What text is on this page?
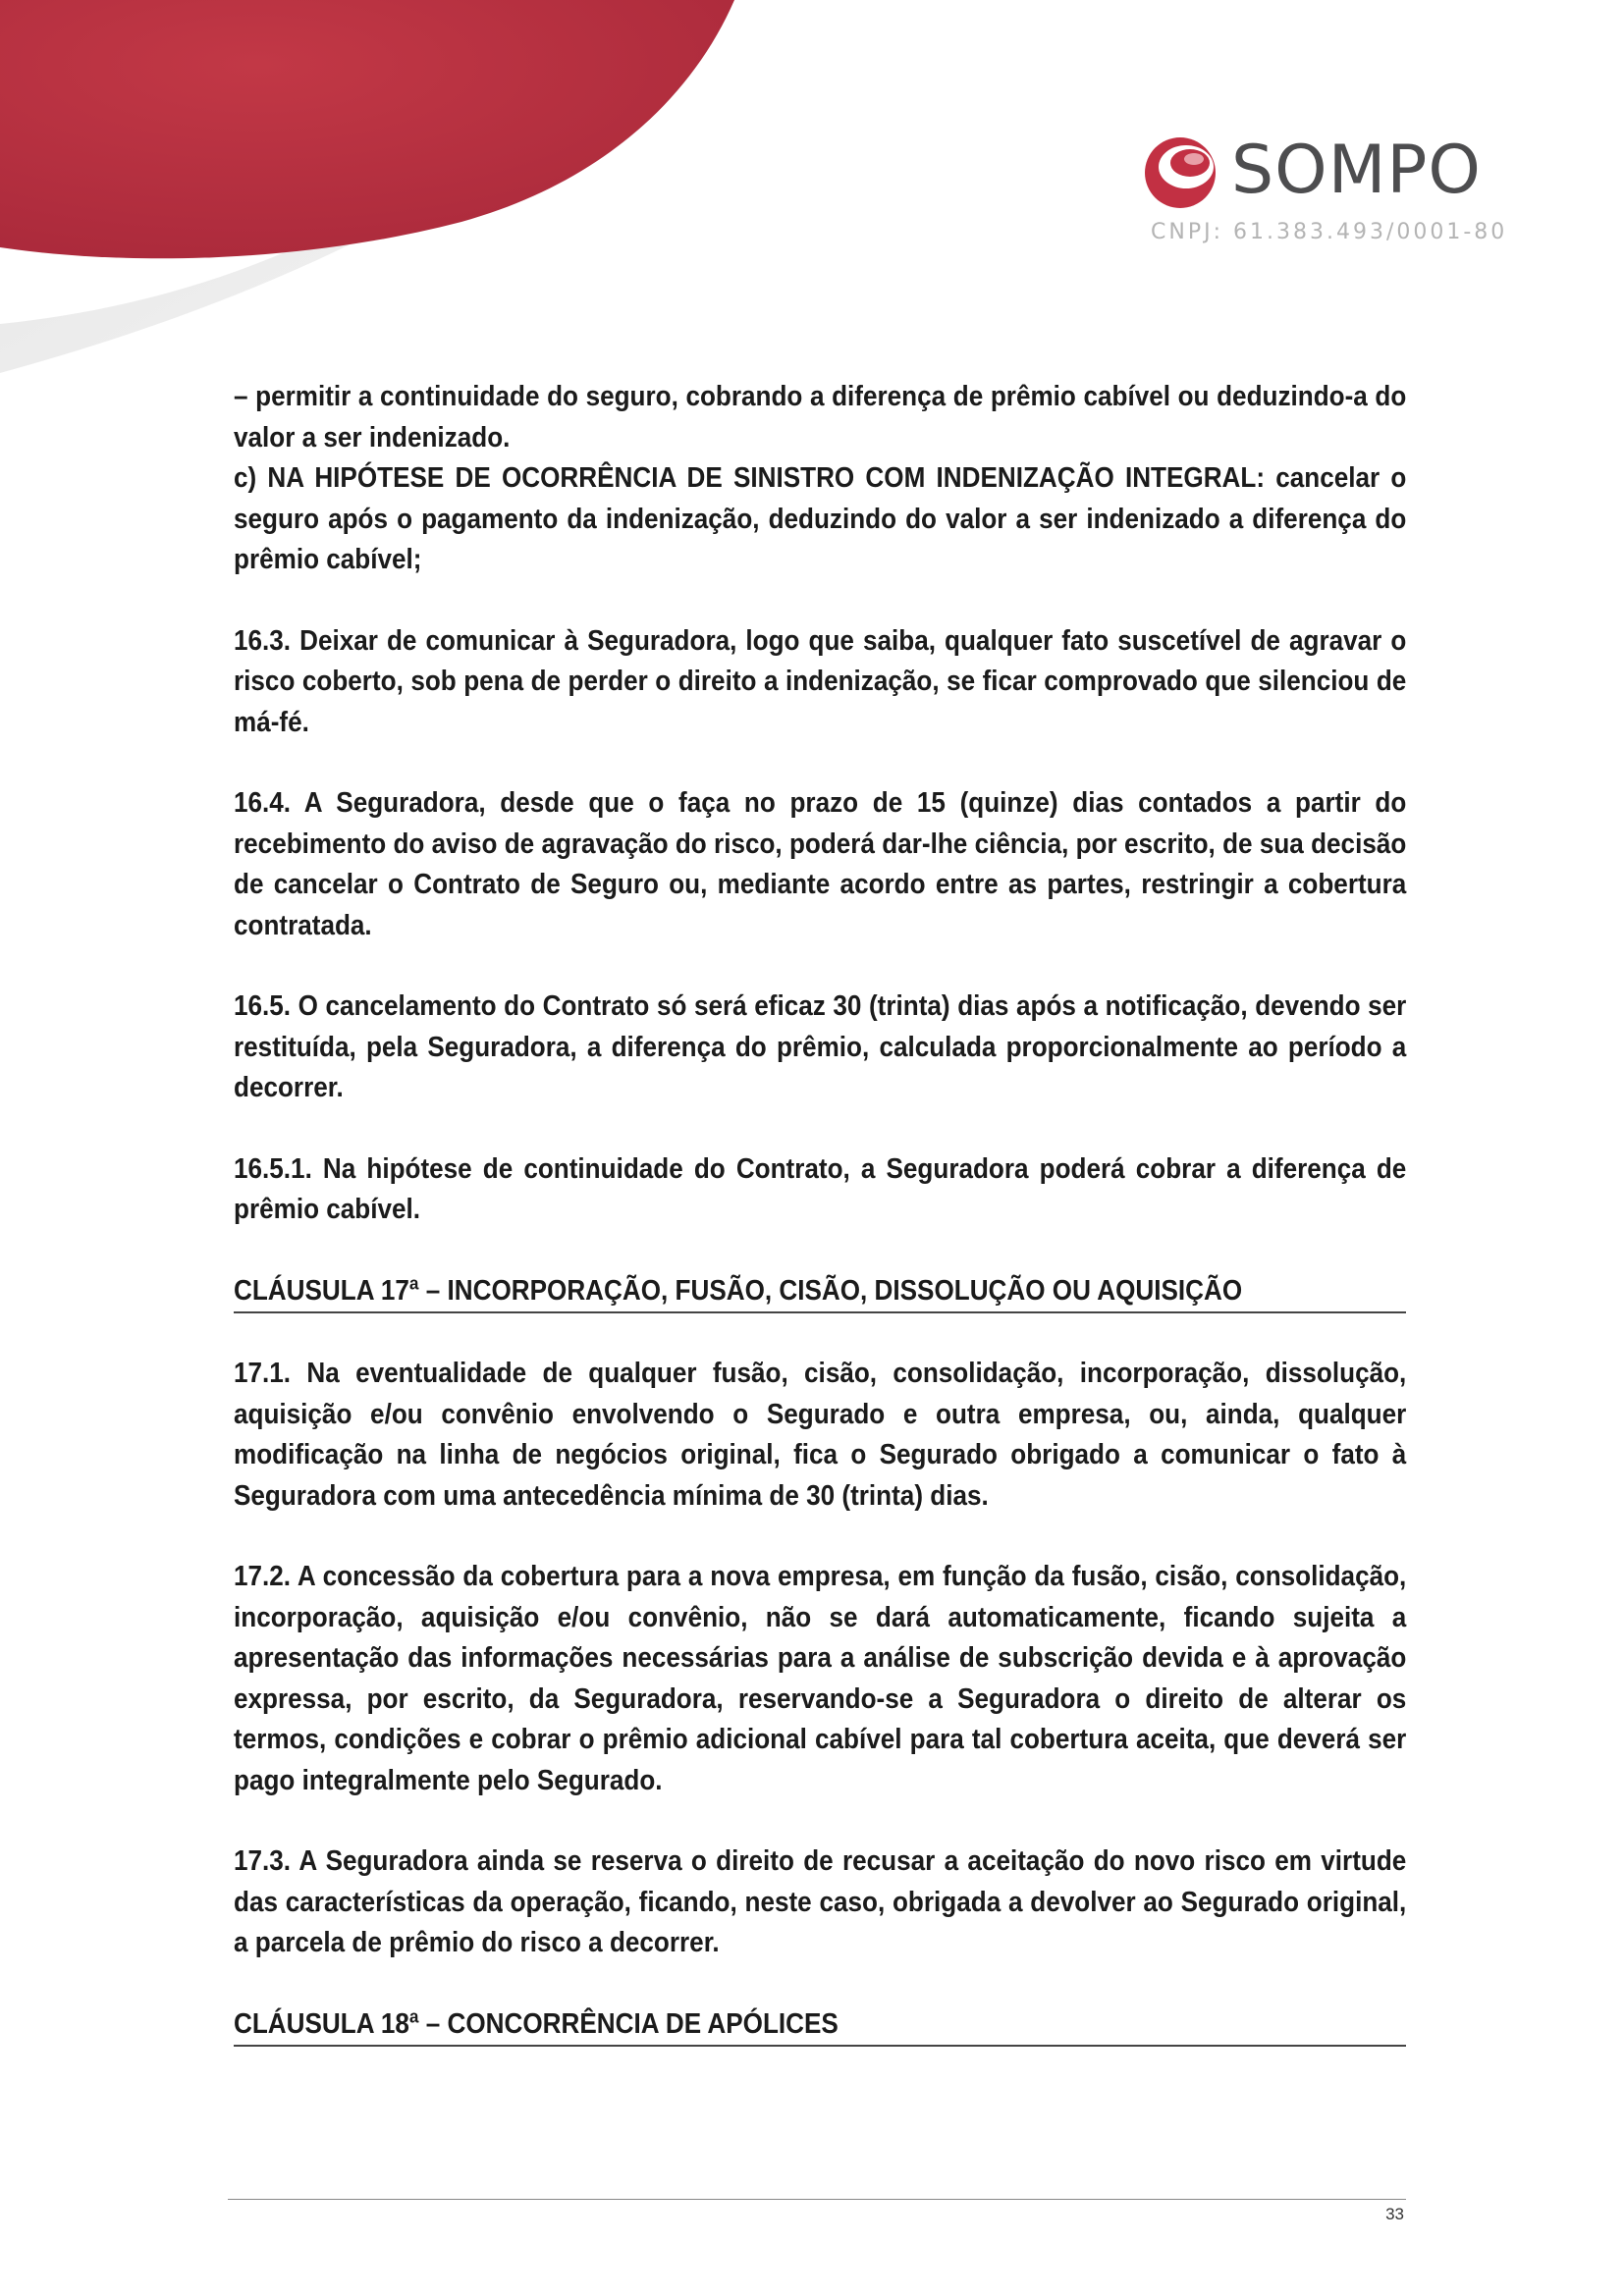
SOMPO
CNPJ: 61.383.493/0001-80

– permitir a continuidade do seguro, cobrando a diferença de prêmio cabível ou deduzindo-a do valor a ser indenizado.

c) NA HIPÓTESE DE OCORRÊNCIA DE SINISTRO COM INDENIZAÇÃO INTEGRAL: cancelar o seguro após o pagamento da indenização, deduzindo do valor a ser indenizado a diferença do prêmio cabível;

16.3. Deixar de comunicar à Seguradora, logo que saiba, qualquer fato suscetível de agravar o risco coberto, sob pena de perder o direito a indenização, se ficar comprovado que silenciou de má-fé.

16.4. A Seguradora, desde que o faça no prazo de 15 (quinze) dias contados a partir do recebimento do aviso de agravação do risco, poderá dar-lhe ciência, por escrito, de sua decisão de cancelar o Contrato de Seguro ou, mediante acordo entre as partes, restringir a cobertura contratada.

16.5. O cancelamento do Contrato só será eficaz 30 (trinta) dias após a notificação, devendo ser restituída, pela Seguradora, a diferença do prêmio, calculada proporcionalmente ao período a decorrer.

16.5.1. Na hipótese de continuidade do Contrato, a Seguradora poderá cobrar a diferença de prêmio cabível.

CLÁUSULA 17ª – INCORPORAÇÃO, FUSÃO, CISÃO, DISSOLUÇÃO OU AQUISIÇÃO

17.1. Na eventualidade de qualquer fusão, cisão, consolidação, incorporação, dissolução, aquisição e/ou convênio envolvendo o Segurado e outra empresa, ou, ainda, qualquer modificação na linha de negócios original, fica o Segurado obrigado a comunicar o fato à Seguradora com uma antecedência mínima de 30 (trinta) dias.

17.2. A concessão da cobertura para a nova empresa, em função da fusão, cisão, consolidação, incorporação, aquisição e/ou convênio, não se dará automaticamente, ficando sujeita a apresentação das informações necessárias para a análise de subscrição devida e à aprovação expressa, por escrito, da Seguradora, reservando-se a Seguradora o direito de alterar os termos, condições e cobrar o prêmio adicional cabível para tal cobertura aceita, que deverá ser pago integralmente pelo Segurado.

17.3. A Seguradora ainda se reserva o direito de recusar a aceitação do novo risco em virtude das características da operação, ficando, neste caso, obrigada a devolver ao Segurado original, a parcela de prêmio do risco a decorrer.

CLÁUSULA 18ª – CONCORRÊNCIA DE APÓLICES

33
